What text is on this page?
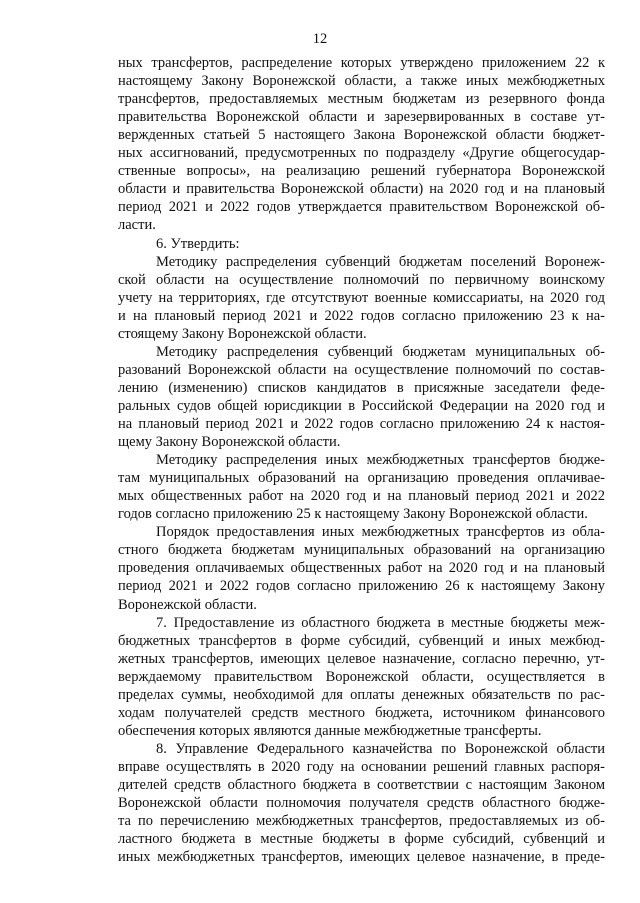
12
ных трансфертов, распределение которых утверждено приложением 22 к
настоящему Закону Воронежской области, а также иных межбюджетных
трансфертов, предоставляемых местным бюджетам из резервного фонда
правительства Воронежской области и зарезервированных в составе ут-
вержденных статьей 5 настоящего Закона Воронежской области бюджет-
ных ассигнований, предусмотренных по подразделу «Другие общегосудар-
ственные вопросы», на реализацию решений губернатора Воронежской
области и правительства Воронежской области) на 2020 год и на плановый
период 2021 и 2022 годов утверждается правительством Воронежской об-
ласти.
6. Утвердить:
Методику распределения субвенций бюджетам поселений Воронеж-
ской области на осуществление полномочий по первичному воинскому
учету на территориях, где отсутствуют военные комиссариаты, на 2020 год
и на плановый период 2021 и 2022 годов согласно приложению 23 к на-
стоящему Закону Воронежской области.
Методику распределения субвенций бюджетам муниципальных об-
разований Воронежской области на осуществление полномочий по состав-
лению (изменению) списков кандидатов в присяжные заседатели феде-
ральных судов общей юрисдикции в Российской Федерации на 2020 год и
на плановый период 2021 и 2022 годов согласно приложению 24 к настоя-
щему Закону Воронежской области.
Методику распределения иных межбюджетных трансфертов бюдже-
там муниципальных образований на организацию проведения оплачивае-
мых общественных работ на 2020 год и на плановый период 2021 и 2022
годов согласно приложению 25 к настоящему Закону Воронежской области.
Порядок предоставления иных межбюджетных трансфертов из обла-
стного бюджета бюджетам муниципальных образований на организацию
проведения оплачиваемых общественных работ на 2020 год и на плановый
период 2021 и 2022 годов согласно приложению 26 к настоящему Закону
Воронежской области.
7. Предоставление из областного бюджета в местные бюджеты меж-
бюджетных трансфертов в форме субсидий, субвенций и иных межбюд-
жетных трансфертов, имеющих целевое назначение, согласно перечню, ут-
верждаемому правительством Воронежской области, осуществляется в
пределах суммы, необходимой для оплаты денежных обязательств по рас-
ходам получателей средств местного бюджета, источником финансового
обеспечения которых являются данные межбюджетные трансферты.
8. Управление Федерального казначейства по Воронежской области
вправе осуществлять в 2020 году на основании решений главных распоря-
дителей средств областного бюджета в соответствии с настоящим Законом
Воронежской области полномочия получателя средств областного бюдже-
та по перечислению межбюджетных трансфертов, предоставляемых из об-
ластного бюджета в местные бюджеты в форме субсидий, субвенций и
иных межбюджетных трансфертов, имеющих целевое назначение, в преде-
